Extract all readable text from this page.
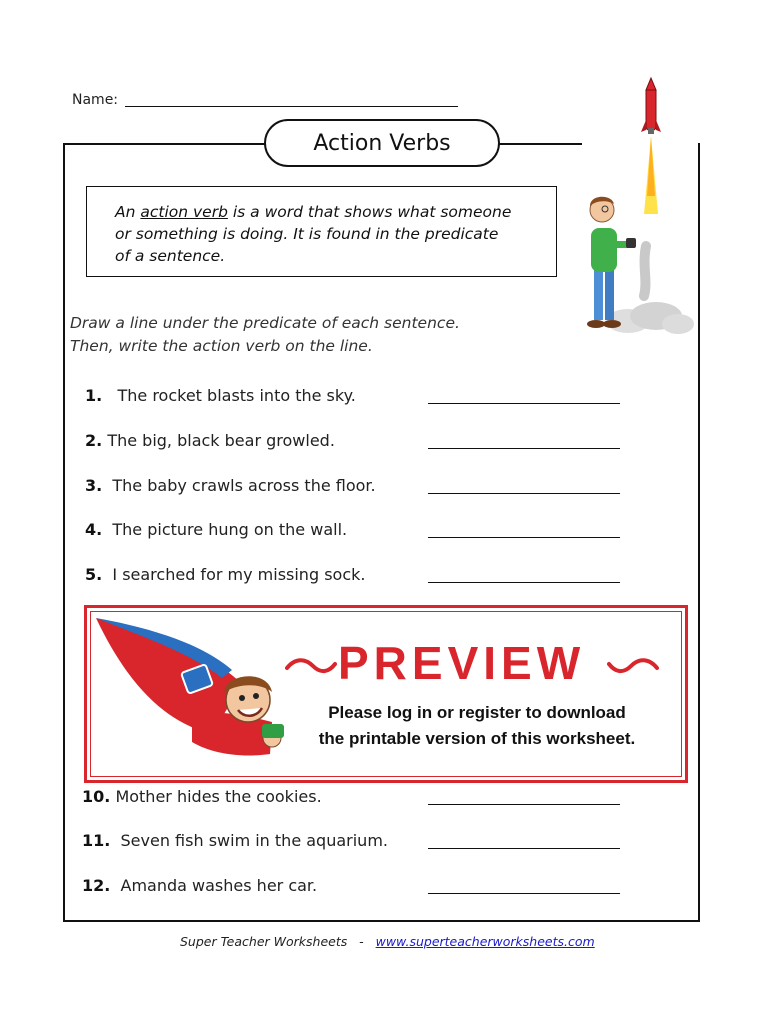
Name:
Action Verbs
An action verb is a word that shows what someone
or something is doing. It is found in the predicate
of a sentence.
Draw a line under the predicate of each sentence.
Then, write the action verb on the line.
1. The rocket blasts into the sky.
2. The big, black bear growled.
3. The baby crawls across the floor.
4. The picture hung on the wall.
5. I searched for my missing sock.
PREVIEW
Please log in or register to download
the printable version of this worksheet.
10. Mother hides the cookies.
11. Seven fish swim in the aquarium.
12. Amanda washes her car.
Super Teacher Worksheets - www.superteacherworksheets.com
